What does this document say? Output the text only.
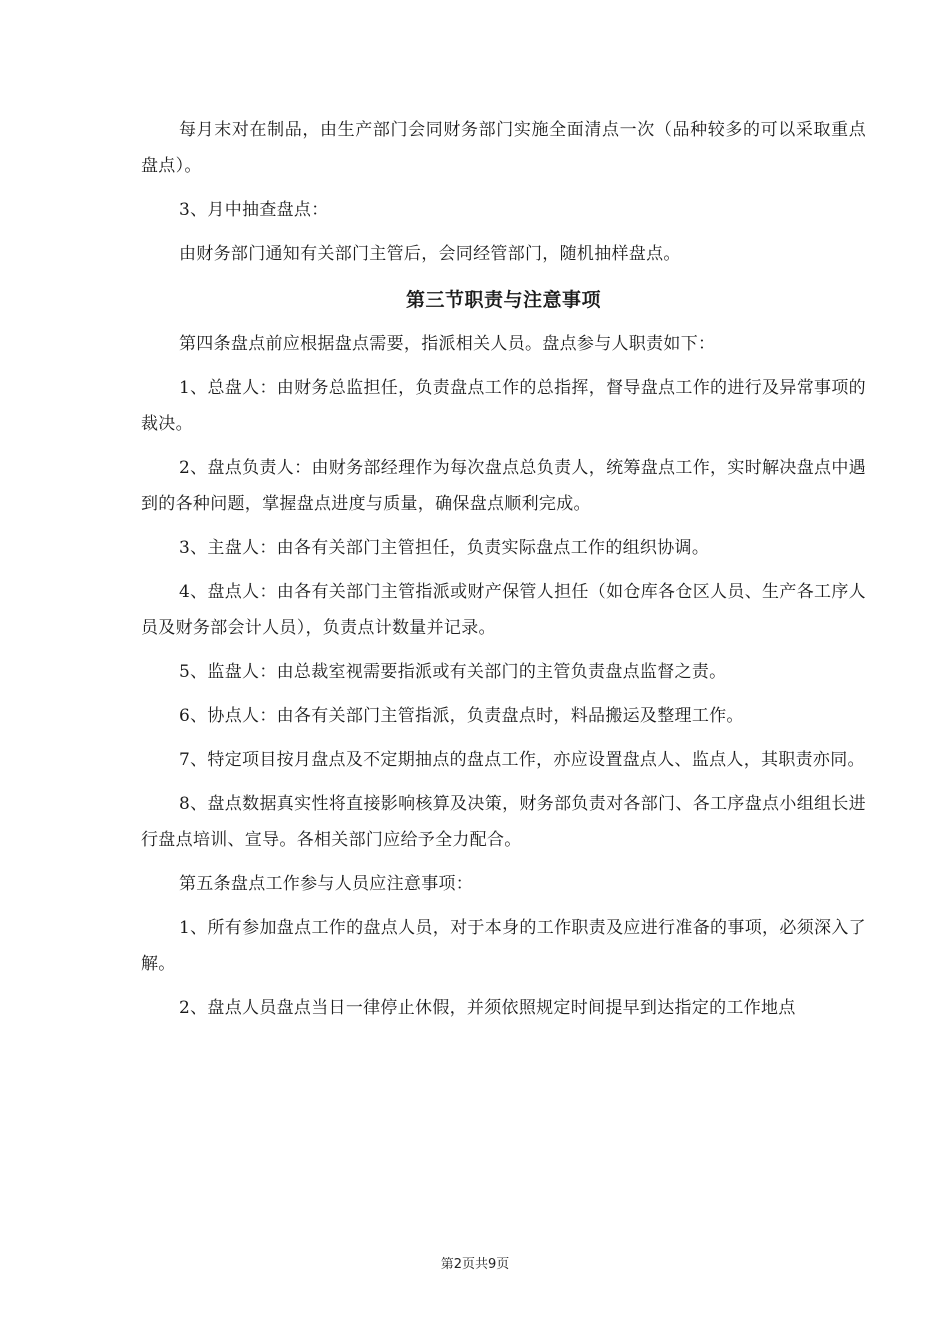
每月末对在制品，由生产部门会同财务部门实施全面清点一次（品种较多的可以采取重点盘点）。

3、月中抽查盘点：

由财务部门通知有关部门主管后，会同经管部门，随机抽样盘点。

第三节职责与注意事项

第四条盘点前应根据盘点需要，指派相关人员。盘点参与人职责如下：

1、总盘人：由财务总监担任，负责盘点工作的总指挥，督导盘点工作的进行及异常事项的裁决。

2、盘点负责人：由财务部经理作为每次盘点总负责人，统筹盘点工作，实时解决盘点中遇到的各种问题，掌握盘点进度与质量，确保盘点顺利完成。

3、主盘人：由各有关部门主管担任，负责实际盘点工作的组织协调。

4、盘点人：由各有关部门主管指派或财产保管人担任（如仓库各仓区人员、生产各工序人员及财务部会计人员），负责点计数量并记录。

5、监盘人：由总裁室视需要指派或有关部门的主管负责盘点监督之责。

6、协点人：由各有关部门主管指派，负责盘点时，料品搬运及整理工作。

7、特定项目按月盘点及不定期抽点的盘点工作，亦应设置盘点人、监点人，其职责亦同。

8、盘点数据真实性将直接影响核算及决策，财务部负责对各部门、各工序盘点小组组长进行盘点培训、宣导。各相关部门应给予全力配合。

第五条盘点工作参与人员应注意事项：

1、所有参加盘点工作的盘点人员，对于本身的工作职责及应进行准备的事项，必须深入了解。

2、盘点人员盘点当日一律停止休假，并须依照规定时间提早到达指定的工作地点

第2页共9页
